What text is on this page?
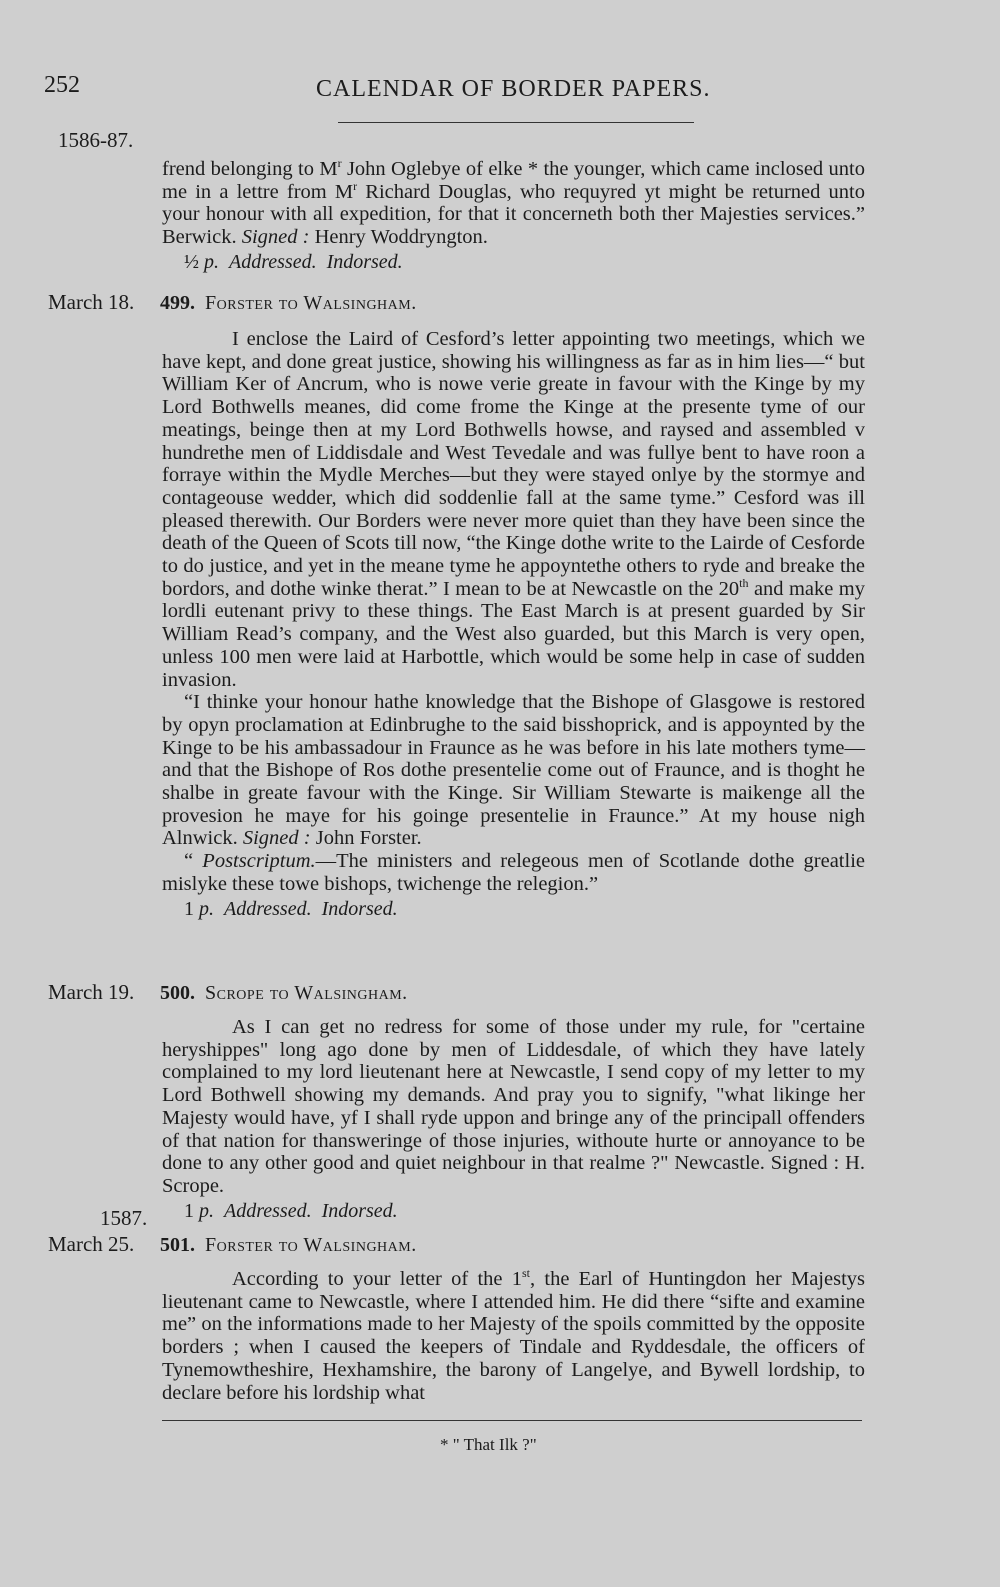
252	CALENDAR OF BORDER PAPERS.
1586-87.

frend belonging to $M^r$ John Oglebye of elke * the younger, which came inclosed unto me in a lettre from $M^r$ Richard Douglas, who requyred yt might be returned unto your honour with all expedition, for that it concerneth both ther Majesties services.” Berwick. Signed : Henry Woddryngton.

½ p. Addressed. Indorsed.

March 18. 499. Forster to Walsingham.

I enclose the Laird of Cesford’s letter appointing two meetings, which we have kept, and done great justice, showing his willingness as far as in him lies—“ but William Ker of Ancrum, who is nowe verie greate in favour with the Kinge by my Lord Bothwells meanes, did come frome the Kinge at the presente tyme of our meatings, beinge then at my Lord Bothwells howse, and raysed and assembled v hundrethe men of Liddisdale and West Tevedale and was fullye bent to have roon a forraye within the Mydle Merches—but they were stayed onlye by the stormye and contageouse wedder, which did soddenlie fall at the same tyme.” Cesford was ill pleased therewith. Our Borders were never more quiet than they have been since the death of the Queen of Scots till now, “the Kinge dothe write to the Lairde of Cesforde to do justice, and yet in the meane tyme he appoyntethe others to ryde and breake the bordors, and dothe winke therat.” I mean to be at Newcastle on the 20th and make my lordli eutenant privy to these things. The East March is at present guarded by Sir William Read’s company, and the West also guarded, but this March is very open, unless 100 men were laid at Harbottle, which would be some help in case of sudden invasion.

“I thinke your honour hathe knowledge that the Bishope of Glasgowe is restored by opyn proclamation at Edinbrughe to the said bisshoprick, and is appoynted by the Kinge to be his ambassadour in Fraunce as he was before in his late mothers tyme—and that the Bishope of Ros dothe presentelie come out of Fraunce, and is thoght he shalbe in greate favour with the Kinge. Sir William Stewarte is maikenge all the provesion he maye for his goinge presentelie in Fraunce.” At my house nigh Alnwick. Signed : John Forster.

“ Postscriptum.—The ministers and relegeous men of Scotlande dothe greatlie mislyke these towe bishops, twichenge the relegion.”

1 p. Addressed. Indorsed.

March 19. 500. Scrope to Walsingham.

As I can get no redress for some of those under my rule, for "certaine heryshippes" long ago done by men of Liddesdale, of which they have lately complained to my lord lieutenant here at Newcastle, I send copy of my letter to my Lord Bothwell showing my demands. And pray you to signify, "what likinge her Majesty would have, yf I shall ryde uppon and bringe any of the principall offenders of that nation for thansweringe of those injuries, withoute hurte or annoyance to be done to any other good and quiet neighbour in that realme ?" Newcastle. Signed : H. Scrope.

1 p. Addressed. Indorsed.

1587.
March 25. 501. Forster to Walsingham.

According to your letter of the 1st, the Earl of Huntingdon her Majestys lieutenant came to Newcastle, where I attended him. He did there “sifte and examine me” on the informations made to her Majesty of the spoils committed by the opposite borders ; when I caused the keepers of Tindale and Ryddesdale, the officers of Tynemowtheshire, Hexhamshire, the barony of Langelye, and Bywell lordship, to declare before his lordship what

* " That Ilk ?"
